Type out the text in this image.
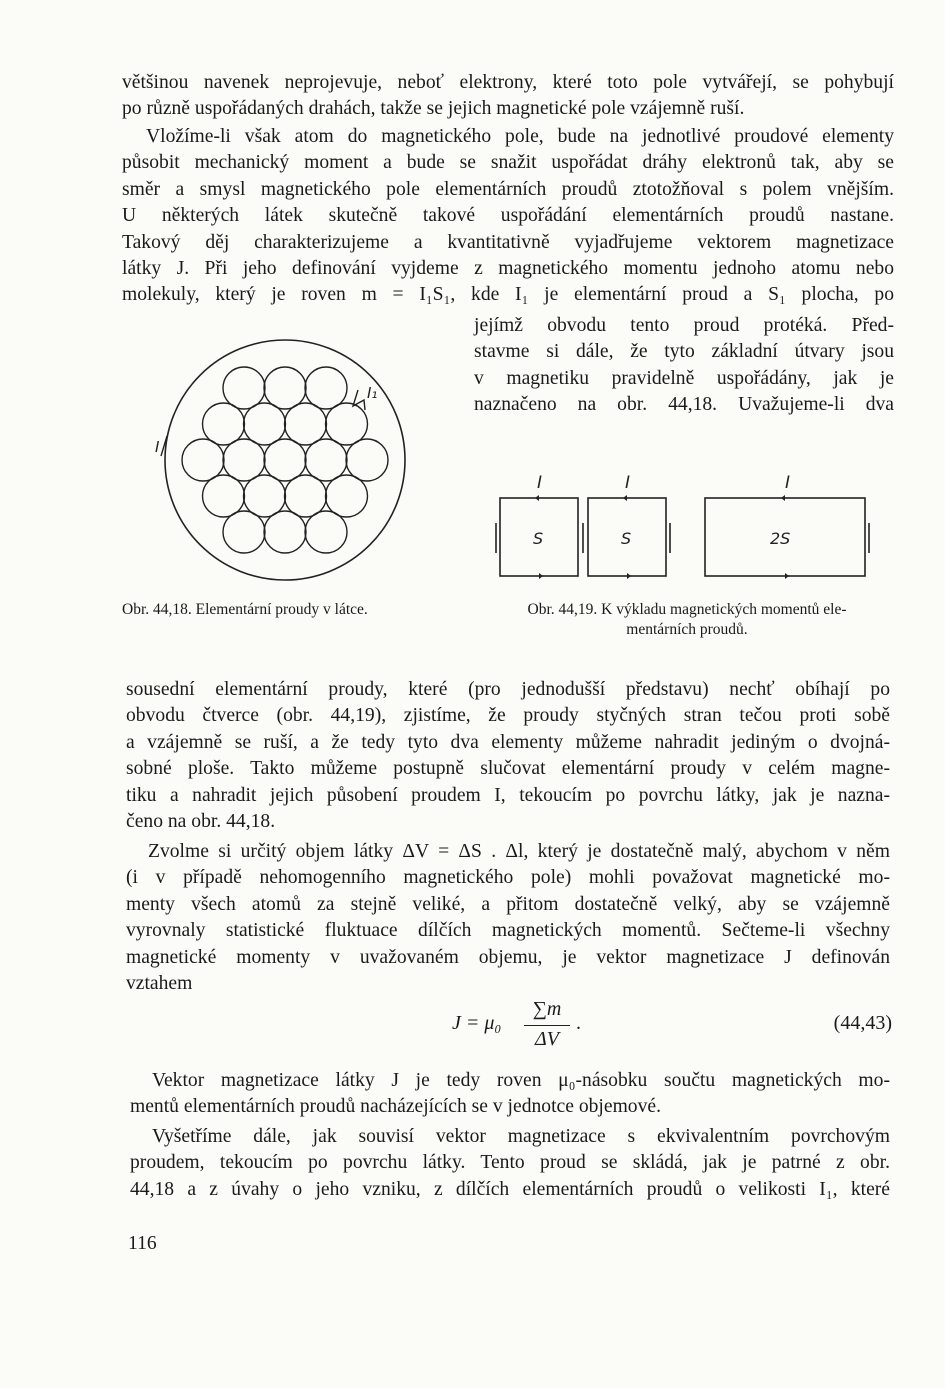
většinou navenek neprojevuje, neboť elektrony, které toto pole vytvářejí, se pohybují
po různě uspořádaných drahách, takže se jejich magnetické pole vzájemně ruší.
Vložíme-li však atom do magnetického pole, bude na jednotlivé proudové elementy
působit mechanický moment a bude se snažit uspořádat dráhy elektronů tak, aby se
směr a smysl magnetického pole elementárních proudů ztotožňoval s polem vnějším.
U některých látek skutečně takové uspořádání elementárních proudů nastane.
Takový děj charakterizujeme a kvantitativně vyjadřujeme vektorem magnetizace
látky J. Při jeho definování vyjdeme z magnetického momentu jednoho atomu nebo
molekuly, který je roven m = I₁S₁, kde I₁ je elementární proud a S₁ plocha, po
jejímž obvodu tento proud protéká. Před-
stavme si dále, že tyto základní útvary jsou
v magnetiku pravidelně uspořádány, jak je
naznačeno na obr. 44,18. Uvažujeme-li dva
I₁
I
I	I	I
S	S	2S
Obr. 44,18. Elementární proudy v látce.	Obr. 44,19. K výkladu magnetických momentů ele-
mentárních proudů.
sousední elementární proudy, které (pro jednodušší představu) nechť obíhají po
obvodu čtverce (obr. 44,19), zjistíme, že proudy styčných stran tečou proti sobě
a vzájemně se ruší, a že tedy tyto dva elementy můžeme nahradit jediným o dvojná-
sobné ploše. Takto můžeme postupně slučovat elementární proudy v celém magne-
tiku a nahradit jejich působení proudem I, tekoucím po povrchu látky, jak je nazna-
čeno na obr. 44,18.
Zvolme si určitý objem látky ΔV = ΔS . Δl, který je dostatečně malý, abychom v něm
(i v případě nehomogenního magnetického pole) mohli považovat magnetické mo-
menty všech atomů za stejně veliké, a přitom dostatečně velký, aby se vzájemně
vyrovnaly statistické fluktuace dílčích magnetických momentů. Sečteme-li všechny
magnetické momenty v uvažovaném objemu, je vektor magnetizace J definován
vztahem
J = μ₀
∑m
ΔV
.	(44,43)
Vektor magnetizace látky J je tedy roven μ₀-násobku součtu magnetických mo-
mentů elementárních proudů nacházejících se v jednotce objemové.
Vyšetříme dále, jak souvisí vektor magnetizace s ekvivalentním povrchovým
proudem, tekoucím po povrchu látky. Tento proud se skládá, jak je patrné z obr.
44,18 a z úvahy o jeho vzniku, z dílčích elementárních proudů o velikosti I₁, které
116
